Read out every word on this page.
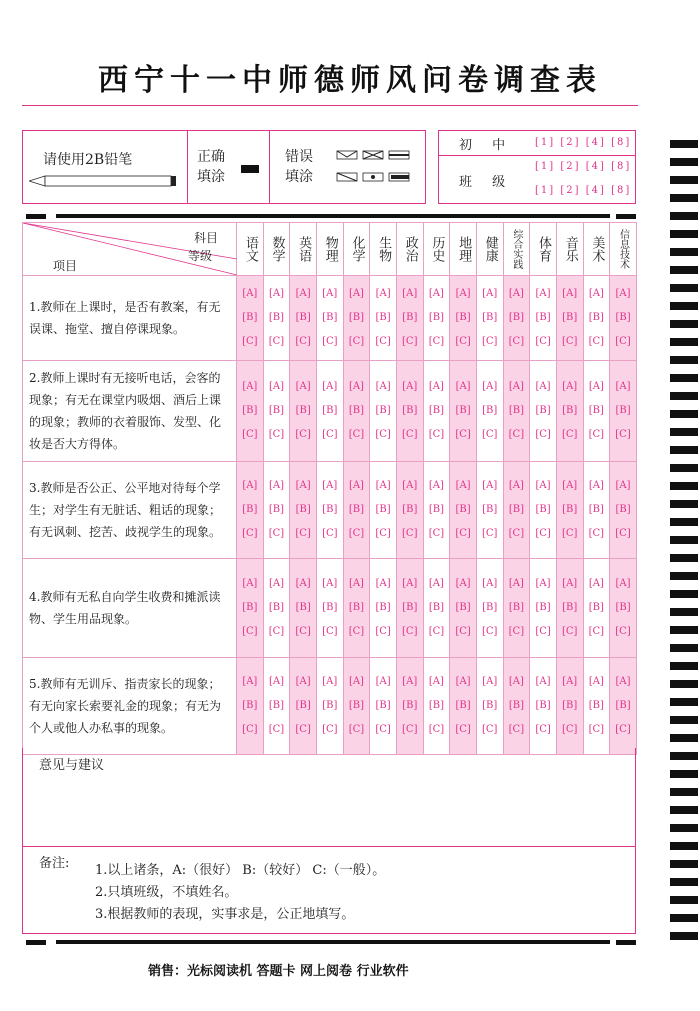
西宁十一中师德师风问卷调查表
请使用2B铅笔	正确填涂
错误填涂
初 中 [1] [2] [4] [8]
班 级
[1] [2] [4] [8]
[1] [2] [4] [8]
科目
等级
项目	语文	数学	英语	物理	化学	生物	政治	历史	地理	健康	综合实践	体育	音乐	美术	信息技术

1.教师在上课时，是否有教案，有无误课、拖堂、擅自停课现象。	[A]
[B]
[C]	[A]
[B]
[C]	[A]
[B]
[C]	[A]
[B]
[C]	[A]
[B]
[C]	[A]
[B]
[C]	[A]
[B]
[C]	[A]
[B]
[C]	[A]
[B]
[C]	[A]
[B]
[C]	[A]
[B]
[C]	[A]
[B]
[C]	[A]
[B]
[C]	[A]
[B]
[C]	[A]
[B]
[C]

2.教师上课时有无接听电话，会客的现象；有无在课堂内吸烟、酒后上课的现象；教师的衣着服饰、发型、化妆是否大方得体。	[A]
[B]
[C]	[A]
[B]
[C]	[A]
[B]
[C]	[A]
[B]
[C]	[A]
[B]
[C]	[A]
[B]
[C]	[A]
[B]
[C]	[A]
[B]
[C]	[A]
[B]
[C]	[A]
[B]
[C]	[A]
[B]
[C]	[A]
[B]
[C]	[A]
[B]
[C]	[A]
[B]
[C]	[A]
[B]
[C]

3.教师是否公正、公平地对待每个学生；对学生有无脏话、粗话的现象；有无讽刺、挖苦、歧视学生的现象。	[A]
[B]
[C]	[A]
[B]
[C]	[A]
[B]
[C]	[A]
[B]
[C]	[A]
[B]
[C]	[A]
[B]
[C]	[A]
[B]
[C]	[A]
[B]
[C]	[A]
[B]
[C]	[A]
[B]
[C]	[A]
[B]
[C]	[A]
[B]
[C]	[A]
[B]
[C]	[A]
[B]
[C]	[A]
[B]
[C]

4.教师有无私自向学生收费和摊派读物、学生用品现象。	[A]
[B]
[C]	[A]
[B]
[C]	[A]
[B]
[C]	[A]
[B]
[C]	[A]
[B]
[C]	[A]
[B]
[C]	[A]
[B]
[C]	[A]
[B]
[C]	[A]
[B]
[C]	[A]
[B]
[C]	[A]
[B]
[C]	[A]
[B]
[C]	[A]
[B]
[C]	[A]
[B]
[C]	[A]
[B]
[C]

5.教师有无训斥、指责家长的现象；有无向家长索要礼金的现象；有无为个人或他人办私事的现象。	[A]
[B]
[C]	[A]
[B]
[C]	[A]
[B]
[C]	[A]
[B]
[C]	[A]
[B]
[C]	[A]
[B]
[C]	[A]
[B]
[C]	[A]
[B]
[C]	[A]
[B]
[C]	[A]
[B]
[C]	[A]
[B]
[C]	[A]
[B]
[C]	[A]
[B]
[C]	[A]
[B]
[C]	[A]
[B]
[C]
意见与建议
备注: 1.以上诸条，A:（很好） B:（较好） C:（一般）。
2.只填班级，不填姓名。
3.根据教师的表现，实事求是，公正地填写。
销售：光标阅读机 答题卡 网上阅卷 行业软件
